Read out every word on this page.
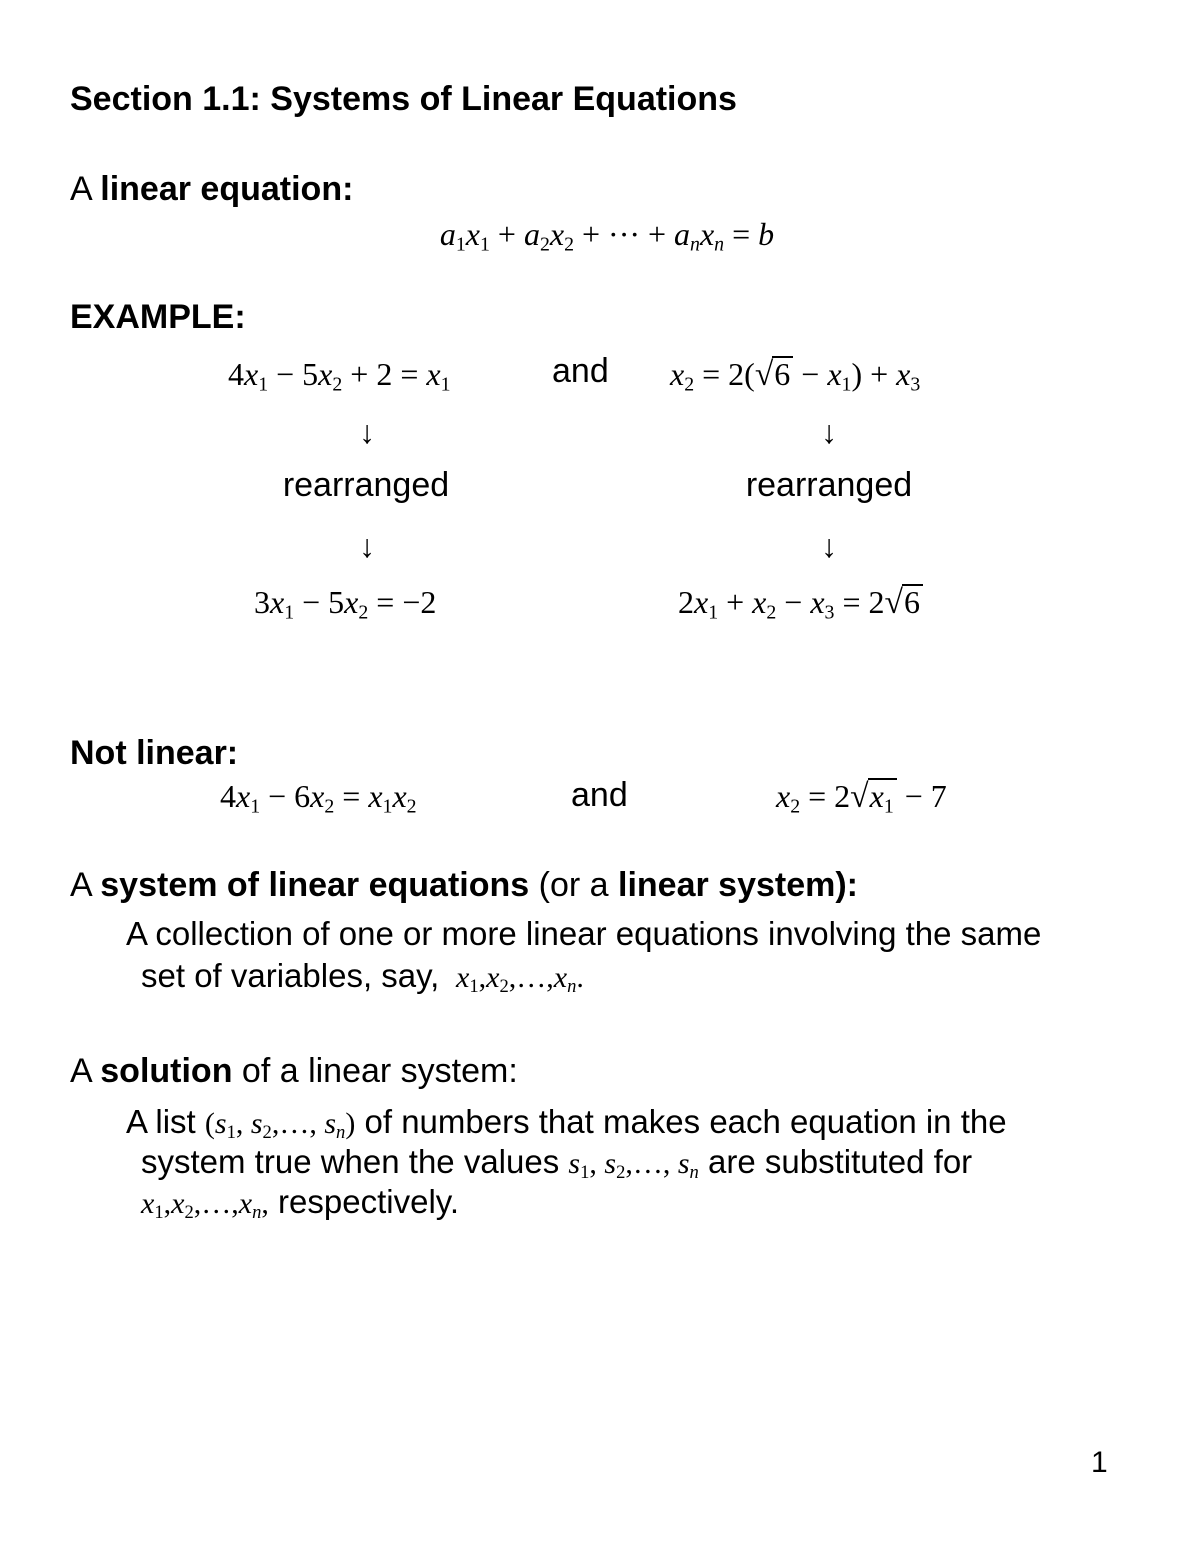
Section 1.1: Systems of Linear Equations
A linear equation:
$a_1x_1 + a_2x_2$ + ··· + $a_nx_n = b$
EXAMPLE:
$4x_1 - 5x_2 + 2 = x_1$	and $x_2 = 2(√6 - x_1) + x_3$
↓	↓
rearranged	rearranged
↓	↓
$3x_1 - 5x_2 = -2$	$2x_1 + x_2 - x_3 = 2√6$
Not linear:
$4x_1 - 6x_2 = x_1x_2$	and	$x_2 = 2√x_1 - 7$
A system of linear equations (or a linear system):
A collection of one or more linear equations involving the same
set of variables, say, $x_1,x_2,\dots,x_n$.
A solution of a linear system:
A list ($s_1$, $s_2,\dots$, $s_n$) of numbers that makes each equation in the
system true when the values $s_1$, $s_2,\dots$, $s_n$ are substituted for
$x_1,x_2,\dots,x_n$, respectively.
1
